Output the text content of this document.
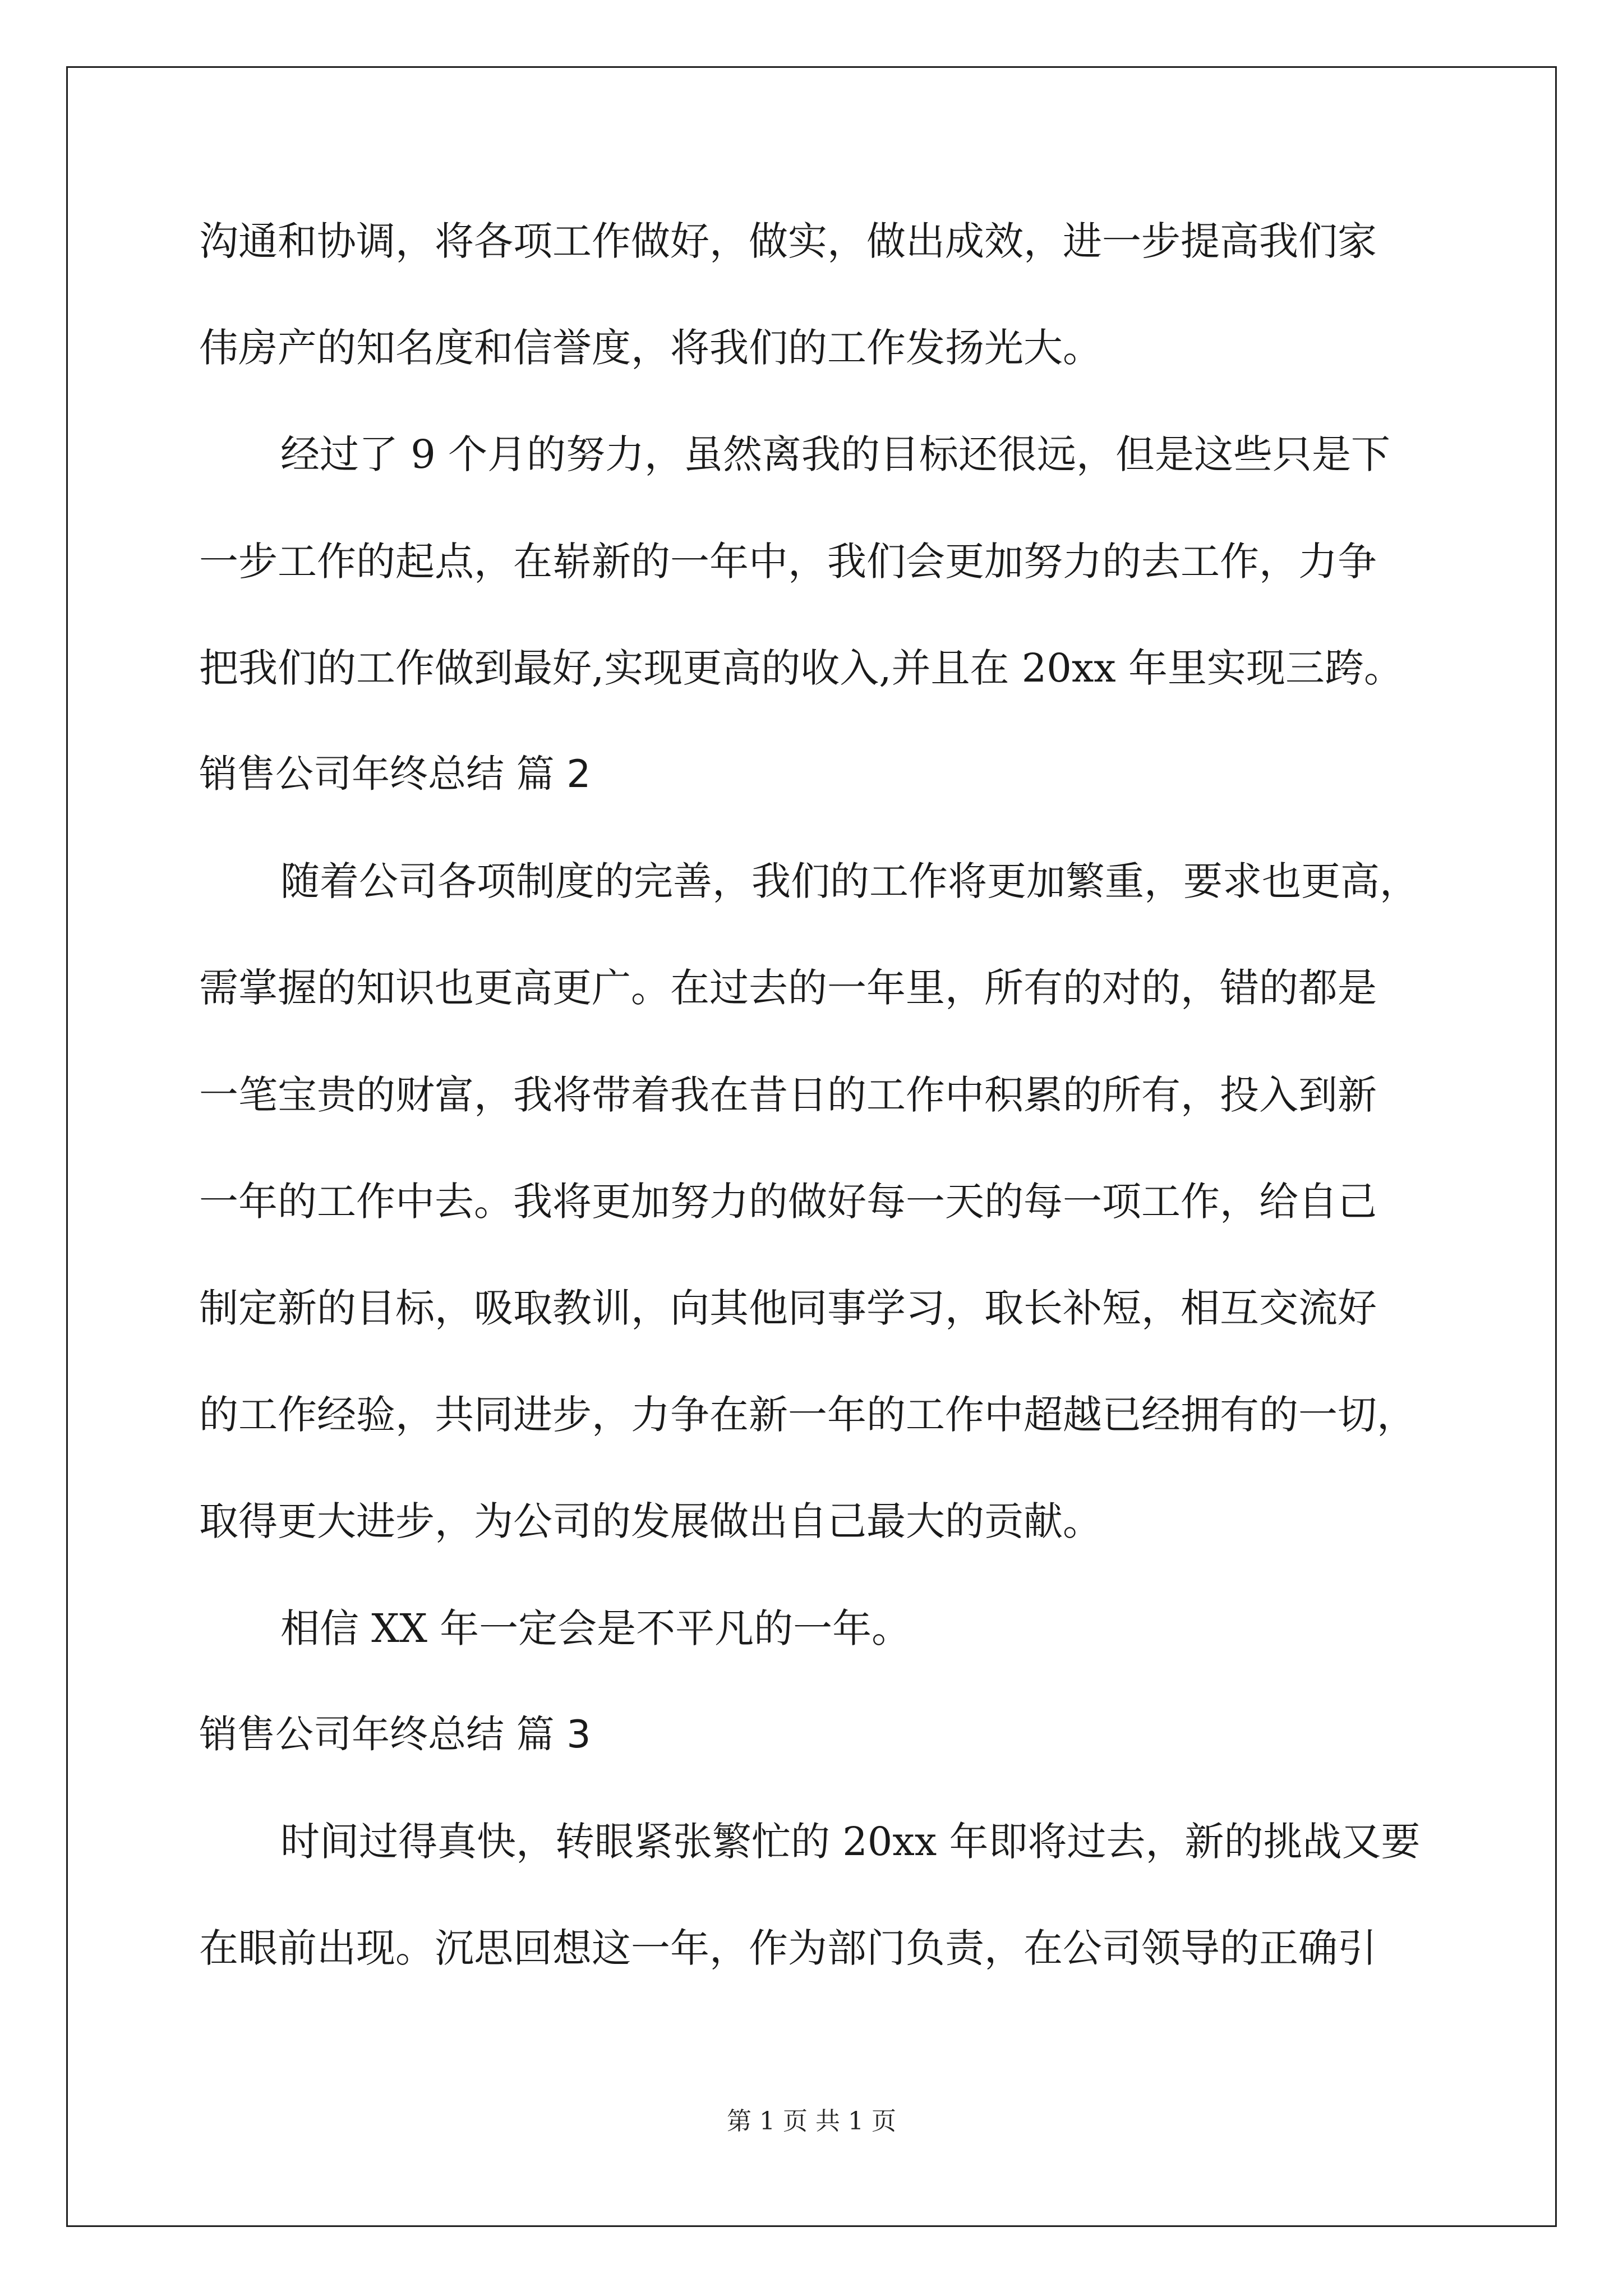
沟通和协调，将各项工作做好，做实，做出成效，进一步提高我们家
伟房产的知名度和信誉度，将我们的工作发扬光大。
经过了 9 个月的努力，虽然离我的目标还很远，但是这些只是下
一步工作的起点，在崭新的一年中，我们会更加努力的去工作，力争
把我们的工作做到最好,实现更高的收入,并且在 20xx 年里实现三跨。
销售公司年终总结 篇 2
随着公司各项制度的完善，我们的工作将更加繁重，要求也更高，
需掌握的知识也更高更广。在过去的一年里，所有的对的，错的都是
一笔宝贵的财富，我将带着我在昔日的工作中积累的所有，投入到新
一年的工作中去。我将更加努力的做好每一天的每一项工作，给自己
制定新的目标，吸取教训，向其他同事学习，取长补短，相互交流好
的工作经验，共同进步，力争在新一年的工作中超越已经拥有的一切，
取得更大进步，为公司的发展做出自己最大的贡献。
相信 XX 年一定会是不平凡的一年。
销售公司年终总结 篇 3
时间过得真快，转眼紧张繁忙的 20xx 年即将过去，新的挑战又要
在眼前出现。沉思回想这一年，作为部门负责，在公司领导的正确引
第 1 页 共 1 页
